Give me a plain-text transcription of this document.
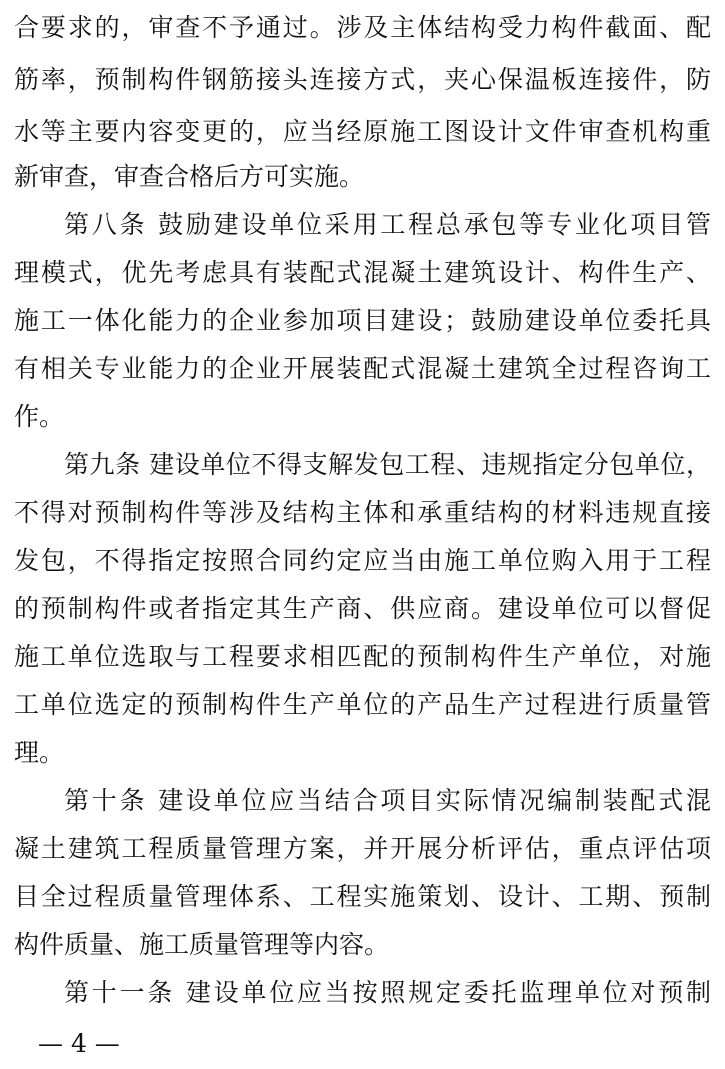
合要求的，审查不予通过。涉及主体结构受力构件截面、配
筋率，预制构件钢筋接头连接方式，夹心保温板连接件，防
水等主要内容变更的，应当经原施工图设计文件审查机构重
新审查，审查合格后方可实施。
第八条 鼓励建设单位采用工程总承包等专业化项目管
理模式，优先考虑具有装配式混凝土建筑设计、构件生产、
施工一体化能力的企业参加项目建设；鼓励建设单位委托具
有相关专业能力的企业开展装配式混凝土建筑全过程咨询工
作。
第九条 建设单位不得支解发包工程、违规指定分包单位，
不得对预制构件等涉及结构主体和承重结构的材料违规直接
发包，不得指定按照合同约定应当由施工单位购入用于工程
的预制构件或者指定其生产商、供应商。建设单位可以督促
施工单位选取与工程要求相匹配的预制构件生产单位，对施
工单位选定的预制构件生产单位的产品生产过程进行质量管
理。
第十条 建设单位应当结合项目实际情况编制装配式混
凝土建筑工程质量管理方案，并开展分析评估，重点评估项
目全过程质量管理体系、工程实施策划、设计、工期、预制
构件质量、施工质量管理等内容。
第十一条 建设单位应当按照规定委托监理单位对预制
— 4 —
